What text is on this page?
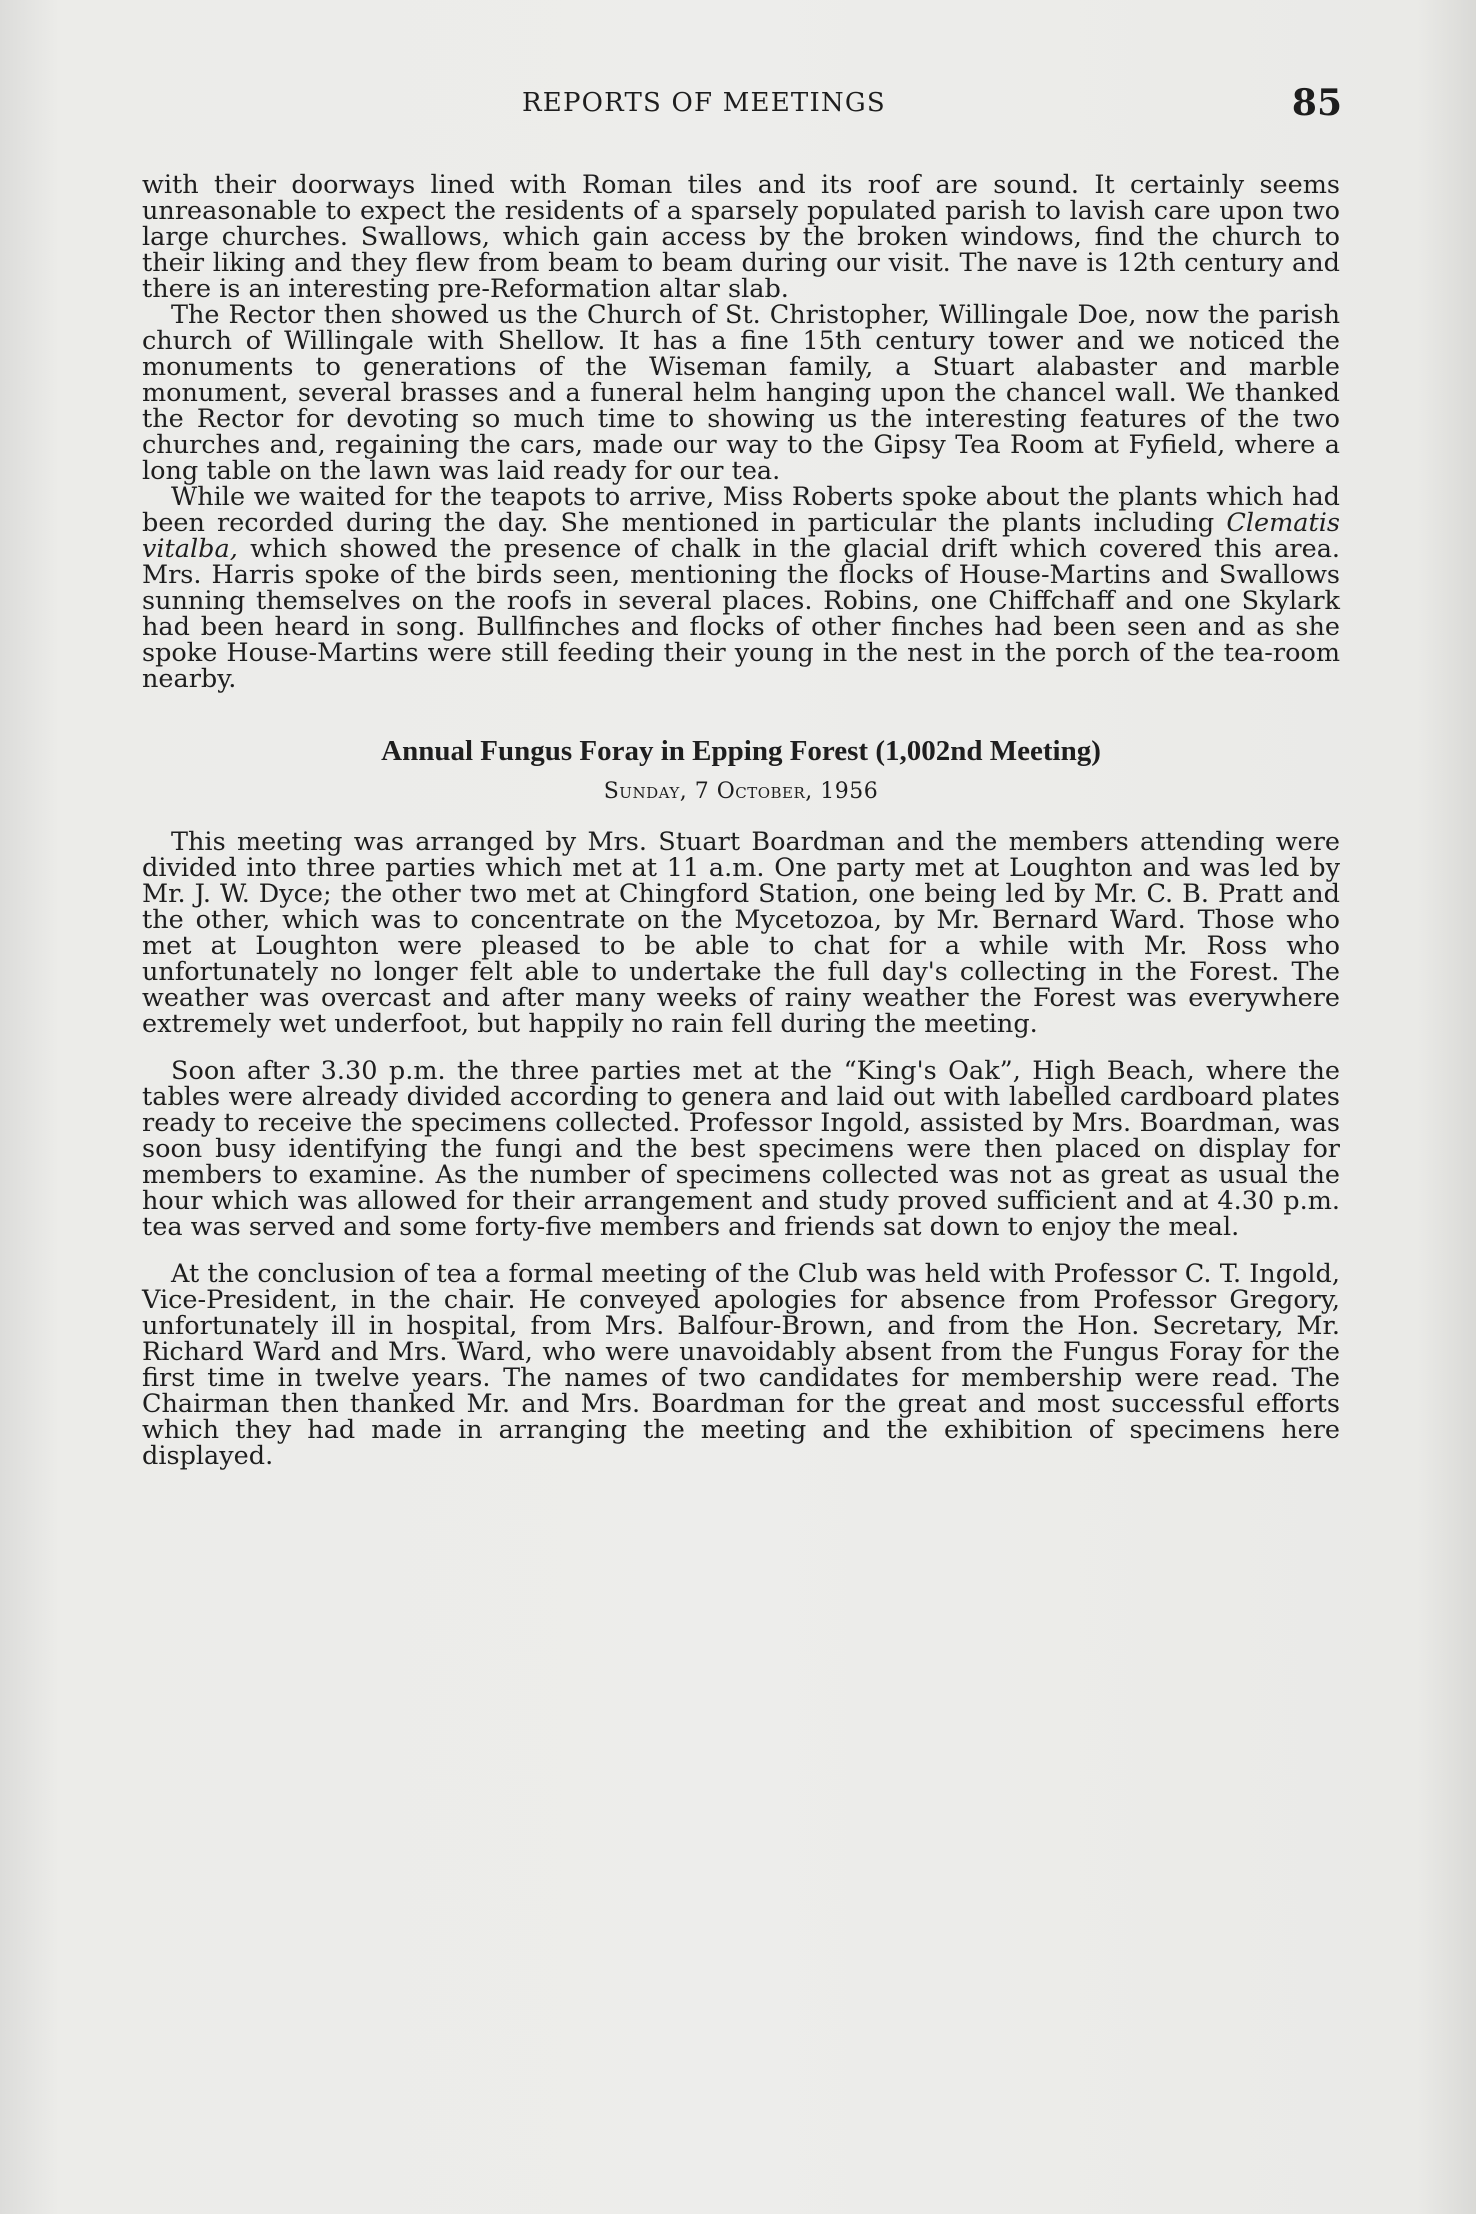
REPORTS OF MEETINGS	85

with their doorways lined with Roman tiles and its roof are sound. It certainly seems unreasonable to expect the residents of a sparsely populated parish to lavish care upon two large churches. Swallows, which gain access by the broken windows, find the church to their liking and they flew from beam to beam during our visit. The nave is 12th century and there is an interesting pre-Reformation altar slab.

The Rector then showed us the Church of St. Christopher, Willingale Doe, now the parish church of Willingale with Shellow. It has a fine 15th century tower and we noticed the monuments to generations of the Wiseman family, a Stuart alabaster and marble monument, several brasses and a funeral helm hanging upon the chancel wall. We thanked the Rector for devoting so much time to showing us the interesting features of the two churches and, regaining the cars, made our way to the Gipsy Tea Room at Fyfield, where a long table on the lawn was laid ready for our tea.

While we waited for the teapots to arrive, Miss Roberts spoke about the plants which had been recorded during the day. She mentioned in particular the plants including Clematis vitalba, which showed the presence of chalk in the glacial drift which covered this area. Mrs. Harris spoke of the birds seen, mentioning the flocks of House-Martins and Swallows sunning themselves on the roofs in several places. Robins, one Chiffchaff and one Skylark had been heard in song. Bullfinches and flocks of other finches had been seen and as she spoke House-Martins were still feeding their young in the nest in the porch of the tea-room nearby.

Annual Fungus Foray in Epping Forest (1,002nd Meeting)
Sunday, 7 October, 1956

This meeting was arranged by Mrs. Stuart Boardman and the members attending were divided into three parties which met at 11 a.m. One party met at Loughton and was led by Mr. J. W. Dyce; the other two met at Chingford Station, one being led by Mr. C. B. Pratt and the other, which was to concentrate on the Mycetozoa, by Mr. Bernard Ward. Those who met at Loughton were pleased to be able to chat for a while with Mr. Ross who unfortunately no longer felt able to undertake the full day's collecting in the Forest. The weather was overcast and after many weeks of rainy weather the Forest was everywhere extremely wet underfoot, but happily no rain fell during the meeting.

Soon after 3.30 p.m. the three parties met at the “King's Oak”, High Beach, where the tables were already divided according to genera and laid out with labelled cardboard plates ready to receive the specimens collected. Professor Ingold, assisted by Mrs. Boardman, was soon busy identifying the fungi and the best specimens were then placed on display for members to examine. As the number of specimens collected was not as great as usual the hour which was allowed for their arrangement and study proved sufficient and at 4.30 p.m. tea was served and some forty-five members and friends sat down to enjoy the meal.

At the conclusion of tea a formal meeting of the Club was held with Professor C. T. Ingold, Vice-President, in the chair. He conveyed apologies for absence from Professor Gregory, unfortunately ill in hospital, from Mrs. Balfour-Brown, and from the Hon. Secretary, Mr. Richard Ward and Mrs. Ward, who were unavoidably absent from the Fungus Foray for the first time in twelve years. The names of two candidates for membership were read. The Chairman then thanked Mr. and Mrs. Boardman for the great and most successful efforts which they had made in arranging the meeting and the exhibition of specimens here displayed.
